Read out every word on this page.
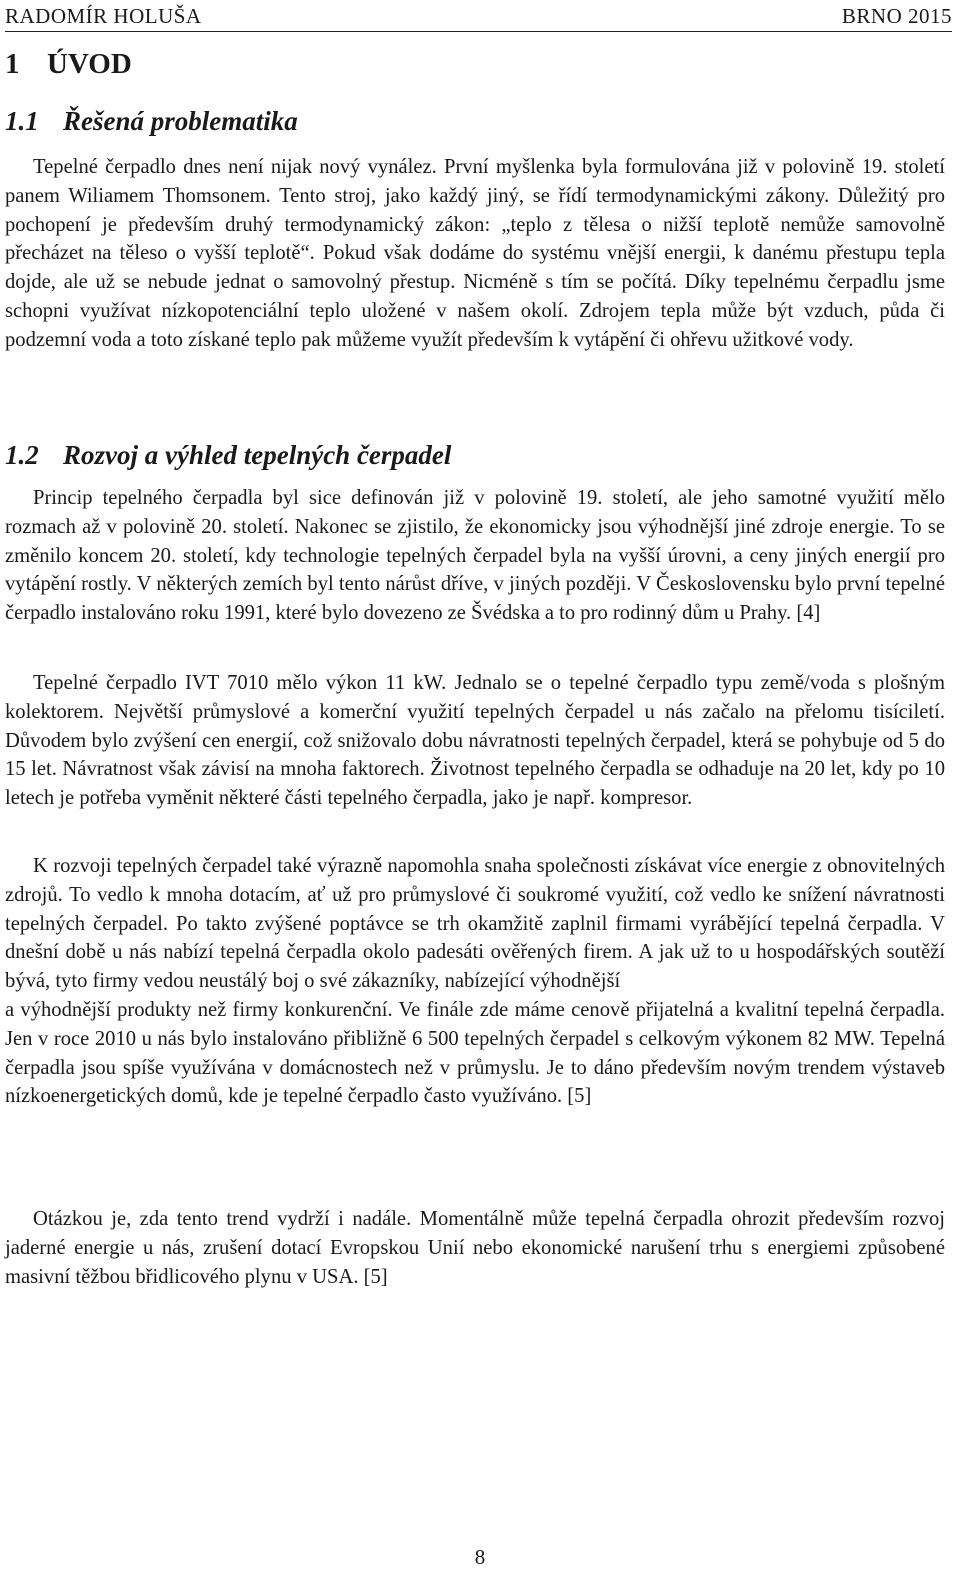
RADOMÍR HOLUŠA	BRNO 2015
1 ÚVOD
1.1 Řešená problematika

Tepelné čerpadlo dnes není nijak nový vynález. První myšlenka byla formulována již v polovině 19. století panem Wiliamem Thomsonem. Tento stroj, jako každý jiný, se řídí termodynamickými zákony. Důležitý pro pochopení je především druhý termodynamický zákon: „teplo z tělesa o nižší teplotě nemůže samovolně přecházet na těleso o vyšší teplotě“. Pokud však dodáme do systému vnější energii, k danému přestupu tepla dojde, ale už se nebude jednat o samovolný přestup. Nicméně s tím se počítá. Díky tepelnému čerpadlu jsme schopni využívat nízkopotenciální teplo uložené v našem okolí. Zdrojem tepla může být vzduch, půda či podzemní voda a toto získané teplo pak můžeme využít především k vytápění či ohřevu užitkové vody.

1.2 Rozvoj a výhled tepelných čerpadel

Princip tepelného čerpadla byl sice definován již v polovině 19. století, ale jeho samotné využití mělo rozmach až v polovině 20. století. Nakonec se zjistilo, že ekonomicky jsou výhodnější jiné zdroje energie. To se změnilo koncem 20. století, kdy technologie tepelných čerpadel byla na vyšší úrovni, a ceny jiných energií pro vytápění rostly. V některých zemích byl tento nárůst dříve, v jiných později. V Československu bylo první tepelné čerpadlo instalováno roku 1991, které bylo dovezeno ze Švédska a to pro rodinný dům u Prahy. [4]

Tepelné čerpadlo IVT 7010 mělo výkon 11 kW. Jednalo se o tepelné čerpadlo typu země/voda s plošným kolektorem. Největší průmyslové a komerční využití tepelných čerpadel u nás začalo na přelomu tisíciletí. Důvodem bylo zvýšení cen energií, což snižovalo dobu návratnosti tepelných čerpadel, která se pohybuje od 5 do 15 let. Návratnost však závisí na mnoha faktorech. Životnost tepelného čerpadla se odhaduje na 20 let, kdy po 10 letech je potřeba vyměnit některé části tepelného čerpadla, jako je např. kompresor.

K rozvoji tepelných čerpadel také výrazně napomohla snaha společnosti získávat více energie z obnovitelných zdrojů. To vedlo k mnoha dotacím, ať už pro průmyslové či soukromé využití, což vedlo ke snížení návratnosti tepelných čerpadel. Po takto zvýšené poptávce se trh okamžitě zaplnil firmami vyrábějící tepelná čerpadla. V dnešní době u nás nabízí tepelná čerpadla okolo padesáti ověřených firem. A jak už to u hospodářských soutěží bývá, tyto firmy vedou neustálý boj o své zákazníky, nabízející výhodnější
a výhodnější produkty než firmy konkurenční. Ve finále zde máme cenově přijatelná a kvalitní tepelná čerpadla. Jen v roce 2010 u nás bylo instalováno přibližně 6 500 tepelných čerpadel s celkovým výkonem 82 MW. Tepelná čerpadla jsou spíše využívána v domácnostech než v průmyslu. Je to dáno především novým trendem výstaveb nízkoenergetických domů, kde je tepelné čerpadlo často využíváno. [5]

Otázkou je, zda tento trend vydrží i nadále. Momentálně může tepelná čerpadla ohrozit především rozvoj jaderné energie u nás, zrušení dotací Evropskou Unií nebo ekonomické narušení trhu s energiemi způsobené masivní těžbou břidlicového plynu v USA. [5]

8
